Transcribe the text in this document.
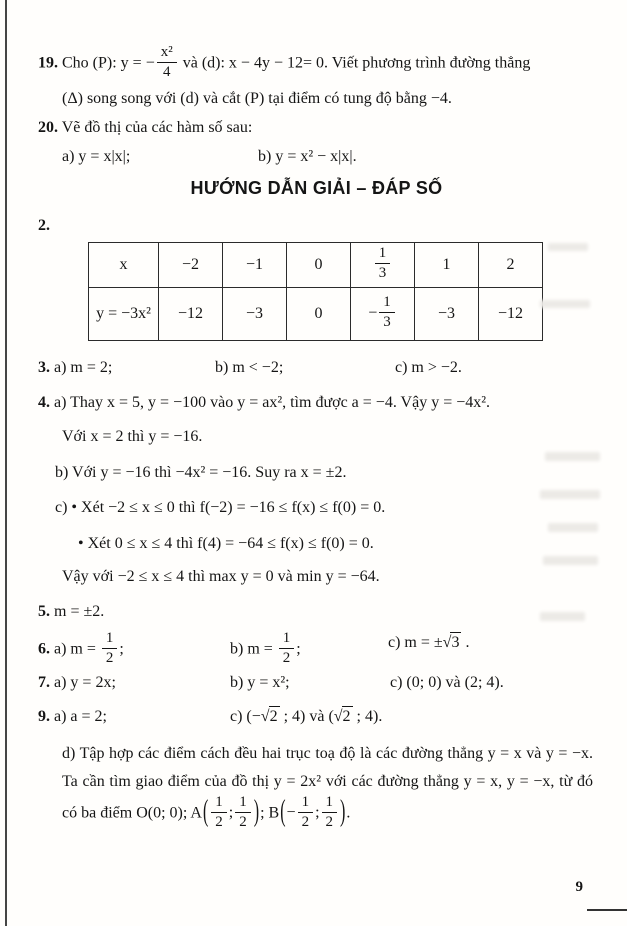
19. Cho (P): y = − $\frac{\text{x²}}{4}$ và (d): x − 4y − 12= 0. Viết phương trình đường thẳng
(Δ) song song với (d) và cắt (P) tại điểm có tung độ bằng −4.
20. Vẽ đồ thị của các hàm số sau:
a) y = x|x|;	b) y = x² − x|x|.
HƯỚNG DẪN GIẢI – ĐÁP SỐ
2.
x	−2	−1	0	$\frac{1}{3}$	1	2
y = −3x²	−12	−3	0	− $\frac{1}{3}$	−3	−12
3. a) m = 2;	b) m < −2;	c) m > −2.
4. a) Thay x = 5, y = −100 vào y = ax², tìm được a = −4. Vậy y = −4x².
Với x = 2 thì y = −16.
b) Với y = −16 thì −4x² = −16. Suy ra x = ±2.
c) • Xét −2 ≤ x ≤ 0 thì f(−2) = −16 ≤ f(x) ≤ f(0) = 0.
• Xét 0 ≤ x ≤ 4 thì f(4) = −64 ≤ f(x) ≤ f(0) = 0.
Vậy với −2 ≤ x ≤ 4 thì max y = 0 và min y = −64.
5. m = ±2.
6. a) $m = \frac{1}{2}$ ;	b) $m = \frac{1}{2}$ ;	c) m = ±√3 .
7. a) y = 2x;	b) y = x²;	c) (0; 0) và (2; 4).
9. a) a = 2;	c) (−√2 ; 4) và (√2 ; 4).
d) Tập hợp các điểm cách đều hai trục toạ độ là các đường thẳng y = x và y = −x. Ta cần tìm giao điểm của đồ thị y = 2x² với các đường thẳng y = x, y = −x, từ đó có ba điểm O(0; 0); $A( \frac{1}{2}$ ; $\frac{1}{2}$ ); $B(- \frac{1}{2}$ ; $\frac{1}{2}$ ).
9
